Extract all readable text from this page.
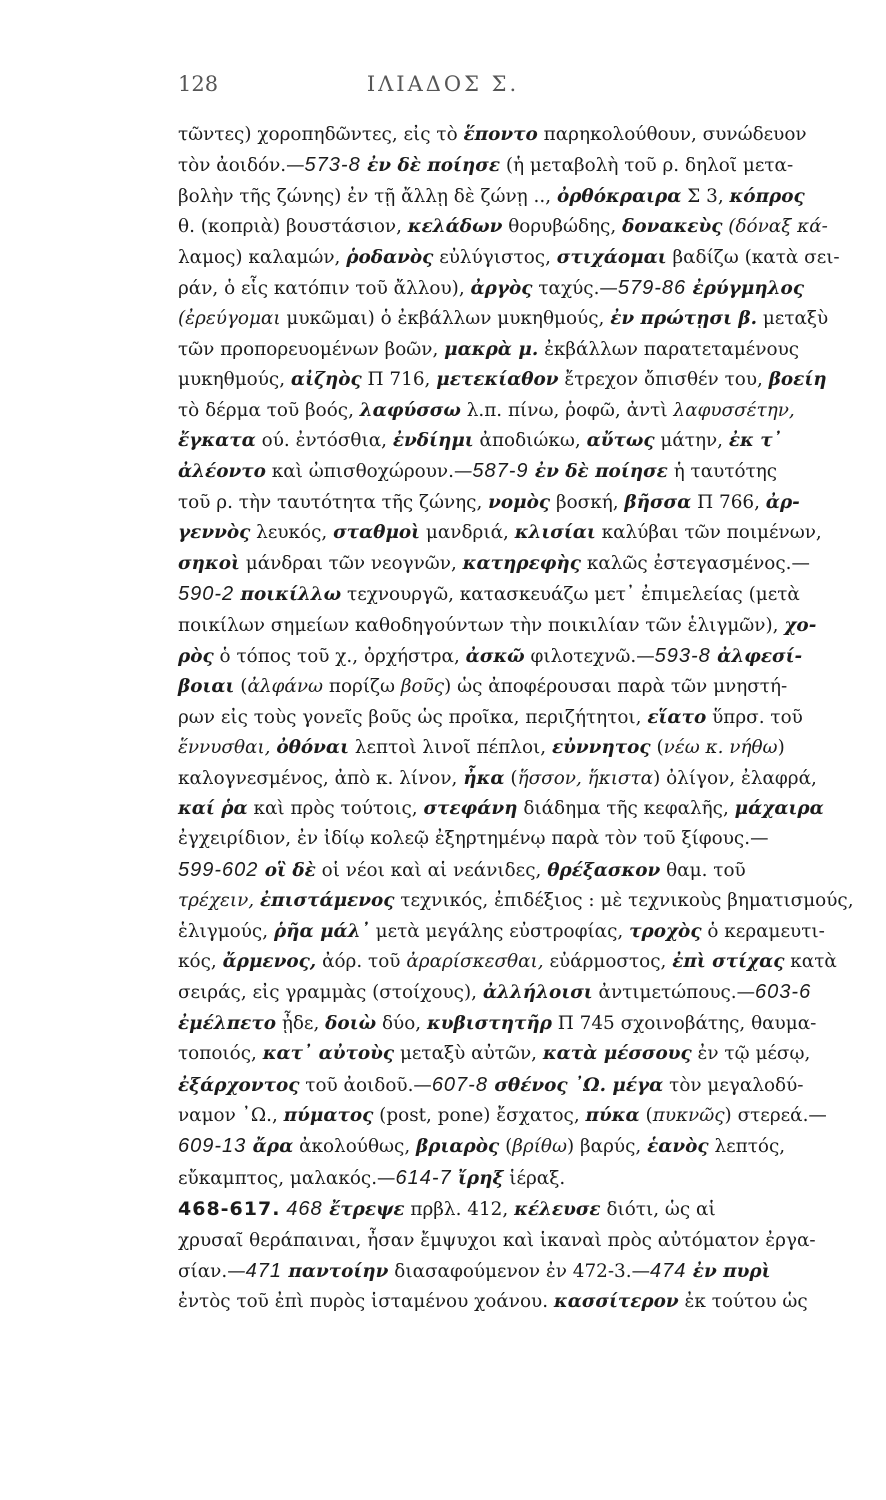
128	ΙΛΙΑΔΟΣ Σ.
τῶντες) χοροπηδῶντες, εἰς τὸ ἕποντο παρηκολούθουν, συνώδευον
τὸν ἀοιδόν.—573-8 ἐν δὲ ποίησε (ἡ μεταβολὴ τοῦ ρ. δηλοῖ μετα-
βολὴν τῆς ζώνης) ἐν τῇ ἄλλῃ δὲ ζώνῃ .., ὀρθόκραιρα Σ 3, κόπρος
θ. (κοπριὰ) βουστάσιον, κελάδων θορυβώδης, δονακεὺς (δόναξ κά-
λαμος) καλαμών, ῥοδανὸς εὐλύγιστος, στιχάομαι βαδίζω (κατὰ σει-
ράν, ὁ εἷς κατόπιν τοῦ ἄλλου), ἀργὸς ταχύς.—579-86 ἐρύγμηλος
(ἐρεύγομαι μυκῶμαι) ὁ ἐκβάλλων μυκηθμούς, ἐν πρώτῃσι β. μεταξὺ
τῶν προπορευομένων βοῶν, μακρὰ μ. ἐκβάλλων παρατεταμένους
μυκηθμούς, αἰζηὸς Π 716, μετεκίαθον ἔτρεχον ὄπισθέν του, βοείη
τὸ δέρμα τοῦ βοός, λαφύσσω λ.π. πίνω, ῥοφῶ, ἀντὶ λαφυσσέτην,
ἔγκατα ού. ἐντόσθια, ἐνδίημι ἀποδιώκω, αὔτως μάτην, ἐκ τ᾽
ἀλέοντο καὶ ὠπισθοχώρουν.—587-9 ἐν δὲ ποίησε ἡ ταυτότης
τοῦ ρ. τὴν ταυτότητα τῆς ζώνης, νομὸς βοσκή, βῆσσα Π 766, ἀρ-
γεννὸς λευκός, σταθμοὶ μανδριά, κλισίαι καλύβαι τῶν ποιμένων,
σηκοὶ μάνδραι τῶν νεογνῶν, κατηρεφὴς καλῶς ἐστεγασμένος.—
590-2 ποικίλλω τεχνουργῶ, κατασκευάζω μετ᾽ ἐπιμελείας (μετὰ
ποικίλων σημείων καθοδηγούντων τὴν ποικιλίαν τῶν ἑλιγμῶν), χο-
ρὸς ὁ τόπος τοῦ χ., ὀρχήστρα, ἀσκῶ φιλοτεχνῶ.—593-8 ἀλφεσί-
βοιαι (ἀλφάνω πορίζω βοῦς) ὡς ἀποφέρουσαι παρὰ τῶν μνηστή-
ρων εἰς τοὺς γονεῖς βοῦς ὡς προῖκα, περιζήτητοι, εἵατο ὕπρσ. τοῦ
ἕννυσθαι, ὀθόναι λεπτοὶ λινοῖ πέπλοι, εὐννητος (νέω κ. νήθω)
καλογνεσμένος, ἀπὸ κ. λίνον, ἦκα (ἥσσον, ἥκιστα) ὀλίγον, ἐλαφρά,
καί ῥα καὶ πρὸς τούτοις, στεφάνη διάδημα τῆς κεφαλῆς, μάχαιρα
ἐγχειρίδιον, ἐν ἰδίῳ κολεῷ ἐξηρτημένῳ παρὰ τὸν τοῦ ξίφους.—
599-602 οἳ δὲ οἱ νέοι καὶ αἱ νεάνιδες, θρέξασκον θαμ. τοῦ
τρέχειν, ἐπιστάμενος τεχνικός, ἐπιδέξιος : μὲ τεχνικοὺς βηματισμούς,
ἑλιγμούς, ῥῆα μάλ᾽ μετὰ μεγάλης εὐστροφίας, τροχὸς ὁ κεραμευτι-
κός, ἄρμενος, ἀόρ. τοῦ ἀραρίσκεσθαι, εὐάρμοστος, ἐπὶ στίχας κατὰ
σειράς, εἰς γραμμὰς (στοίχους), ἀλλήλοισι ἀντιμετώπους.—603-6
ἐμέλπετο ᾖδε, δοιὼ δύο, κυβιστητῆρ Π 745 σχοινοβάτης, θαυμα-
τοποιός, κατ᾽ αὐτοὺς μεταξὺ αὐτῶν, κατὰ μέσσους ἐν τῷ μέσῳ,
ἐξάρχοντος τοῦ ἀοιδοῦ.—607-8 σθένος ᾽Ω. μέγα τὸν μεγαλοδύ-
ναμον ᾽Ω., πύματος (post, pone) ἔσχατος, πύκα (πυκνῶς) στερεά.—
609-13 ἄρα ἀκολούθως, βριαρὸς (βρίθω) βαρύς, ἑανὸς λεπτός,
εὔκαμπτος, μαλακός.—614-7 ἴρηξ ἱέραξ.
468-617. 468 ἔτρεψε πρβλ. 412, κέλευσε διότι, ὡς αἱ
χρυσαῖ θεράπαιναι, ἦσαν ἔμψυχοι καὶ ἱκαναὶ πρὸς αὐτόματον ἐργα-
σίαν.—471 παντοίην διασαφούμενον ἐν 472-3.—474 ἐν πυρὶ
ἐντὸς τοῦ ἐπὶ πυρὸς ἱσταμένου χοάνου. κασσίτερον ἐκ τούτου ὡς
